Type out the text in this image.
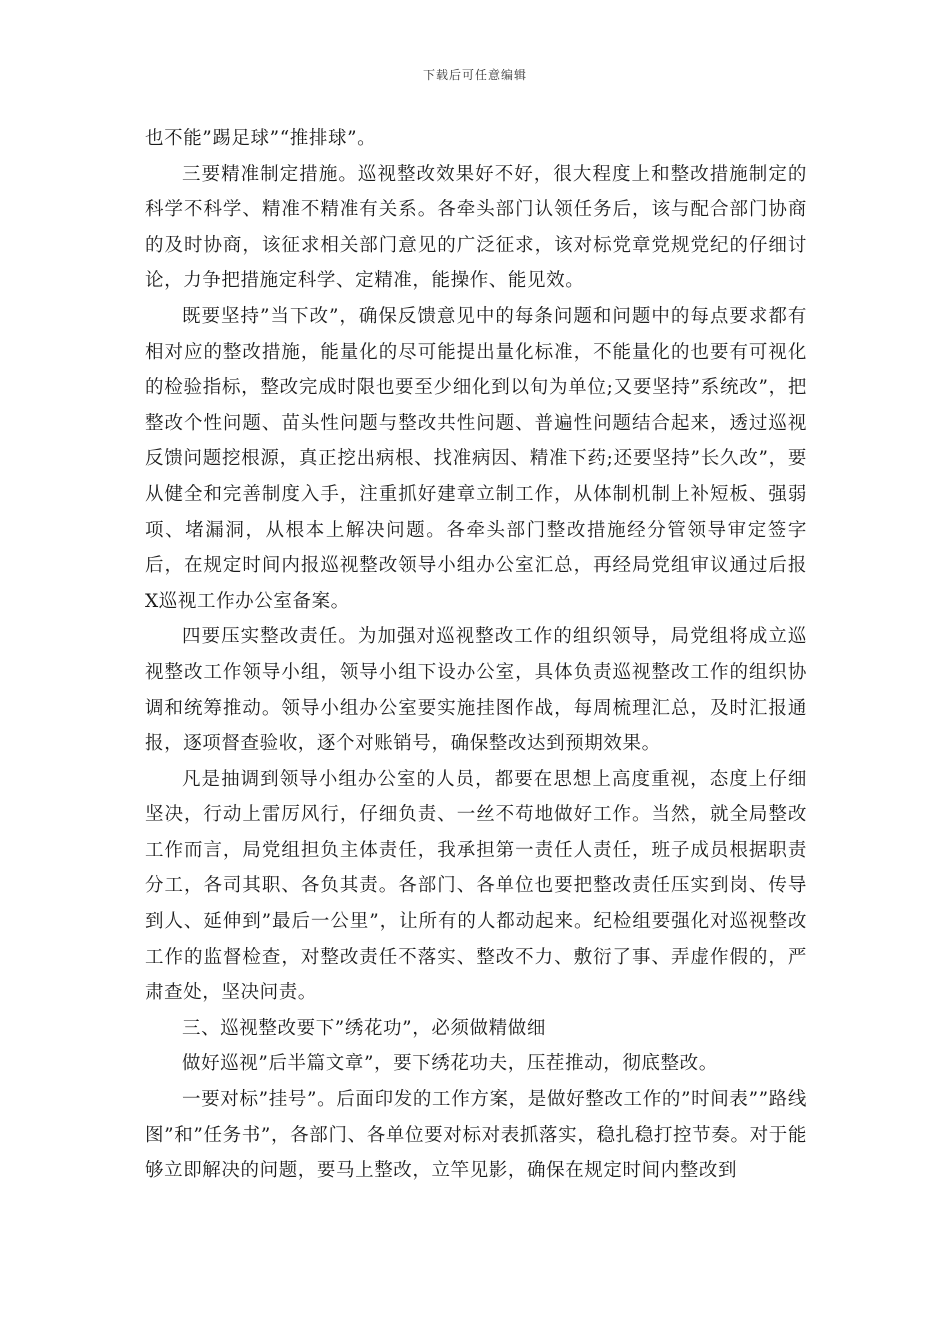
下载后可任意编辑

也不能”踢足球”“推排球”。

三要精准制定措施。巡视整改效果好不好，很大程度上和整改措施制定的科学不科学、精准不精准有关系。各牵头部门认领任务后，该与配合部门协商的及时协商，该征求相关部门意见的广泛征求，该对标党章党规党纪的仔细讨论，力争把措施定科学、定精准，能操作、能见效。

既要坚持”当下改”，确保反馈意见中的每条问题和问题中的每点要求都有相对应的整改措施，能量化的尽可能提出量化标准，不能量化的也要有可视化的检验指标，整改完成时限也要至少细化到以旬为单位;又要坚持”系统改”，把整改个性问题、苗头性问题与整改共性问题、普遍性问题结合起来，透过巡视反馈问题挖根源，真正挖出病根、找准病因、精准下药;还要坚持”长久改”，要从健全和完善制度入手，注重抓好建章立制工作，从体制机制上补短板、强弱项、堵漏洞，从根本上解决问题。各牵头部门整改措施经分管领导审定签字后，在规定时间内报巡视整改领导小组办公室汇总，再经局党组审议通过后报X巡视工作办公室备案。

四要压实整改责任。为加强对巡视整改工作的组织领导，局党组将成立巡视整改工作领导小组，领导小组下设办公室，具体负责巡视整改工作的组织协调和统筹推动。领导小组办公室要实施挂图作战，每周梳理汇总，及时汇报通报，逐项督查验收，逐个对账销号，确保整改达到预期效果。

凡是抽调到领导小组办公室的人员，都要在思想上高度重视，态度上仔细坚决，行动上雷厉风行，仔细负责、一丝不苟地做好工作。当然，就全局整改工作而言，局党组担负主体责任，我承担第一责任人责任，班子成员根据职责分工，各司其职、各负其责。各部门、各单位也要把整改责任压实到岗、传导到人、延伸到”最后一公里”，让所有的人都动起来。纪检组要强化对巡视整改工作的监督检查，对整改责任不落实、整改不力、敷衍了事、弄虚作假的，严肃查处，坚决问责。

三、巡视整改要下”绣花功”，必须做精做细

做好巡视”后半篇文章”，要下绣花功夫，压茬推动，彻底整改。

一要对标”挂号”。后面印发的工作方案，是做好整改工作的”时间表””路线图”和”任务书”，各部门、各单位要对标对表抓落实，稳扎稳打控节奏。对于能够立即解决的问题，要马上整改，立竿见影，确保在规定时间内整改到
